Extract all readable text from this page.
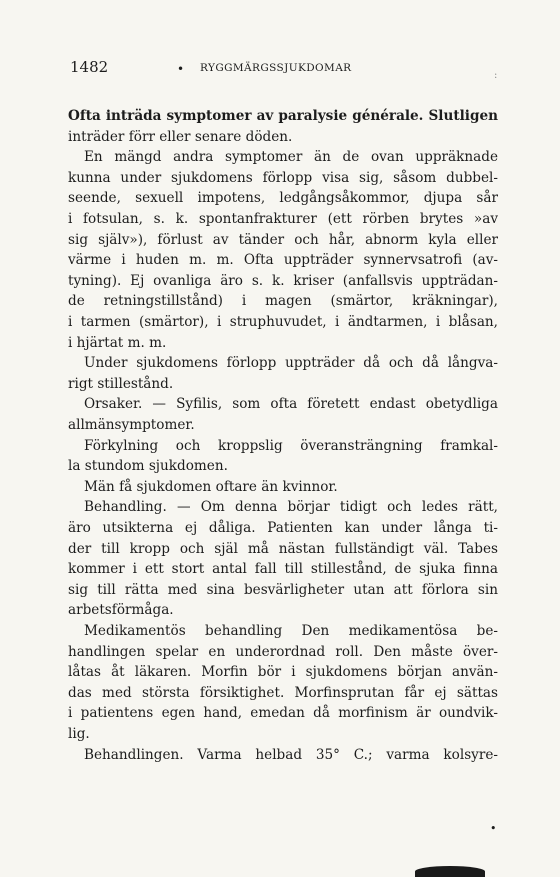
1482	• RYGGMÄRGSSJUKDOMAR
:
Ofta inträda symptomer av paralysie générale. Slutligen
inträder förr eller senare döden.
En mängd andra symptomer än de ovan uppräknade
kunna under sjukdomens förlopp visa sig, såsom dubbel-
seende, sexuell impotens, ledgångsåkommor, djupa sår
i fotsulan, s. k. spontanfrakturer (ett rörben brytes »av
sig själv»), förlust av tänder och hår, abnorm kyla eller
värme i huden m. m. Ofta uppträder synnervsatrofi (av-
tyning). Ej ovanliga äro s. k. kriser (anfallsvis uppträdan-
de retningstillstånd) i magen (smärtor, kräkningar),
i tarmen (smärtor), i struphuvudet, i ändtarmen, i blåsan,
i hjärtat m. m.
Under sjukdomens förlopp uppträder då och då långva-
rigt stillestånd.
Orsaker. — Syfilis, som ofta företett endast obetydliga
allmänsymptomer.
Förkylning och kroppslig överansträngning framkal-
la stundom sjukdomen.
Män få sjukdomen oftare än kvinnor.
Behandling. — Om denna börjar tidigt och ledes rätt,
äro utsikterna ej dåliga. Patienten kan under långa ti-
der till kropp och själ må nästan fullständigt väl. Tabes
kommer i ett stort antal fall till stillestånd, de sjuka finna
sig till rätta med sina besvärligheter utan att förlora sin
arbetsförmåga.
Medikamentös behandling Den medikamentösa be-
handlingen spelar en underordnad roll. Den måste över-
låtas åt läkaren. Morfin bör i sjukdomens början använ-
das med största försiktighet. Morfinsprutan får ej sättas
i patientens egen hand, emedan då morfinism är oundvik-
lig.
Behandlingen. Varma helbad 35° C.; varma kolsyre-
•
